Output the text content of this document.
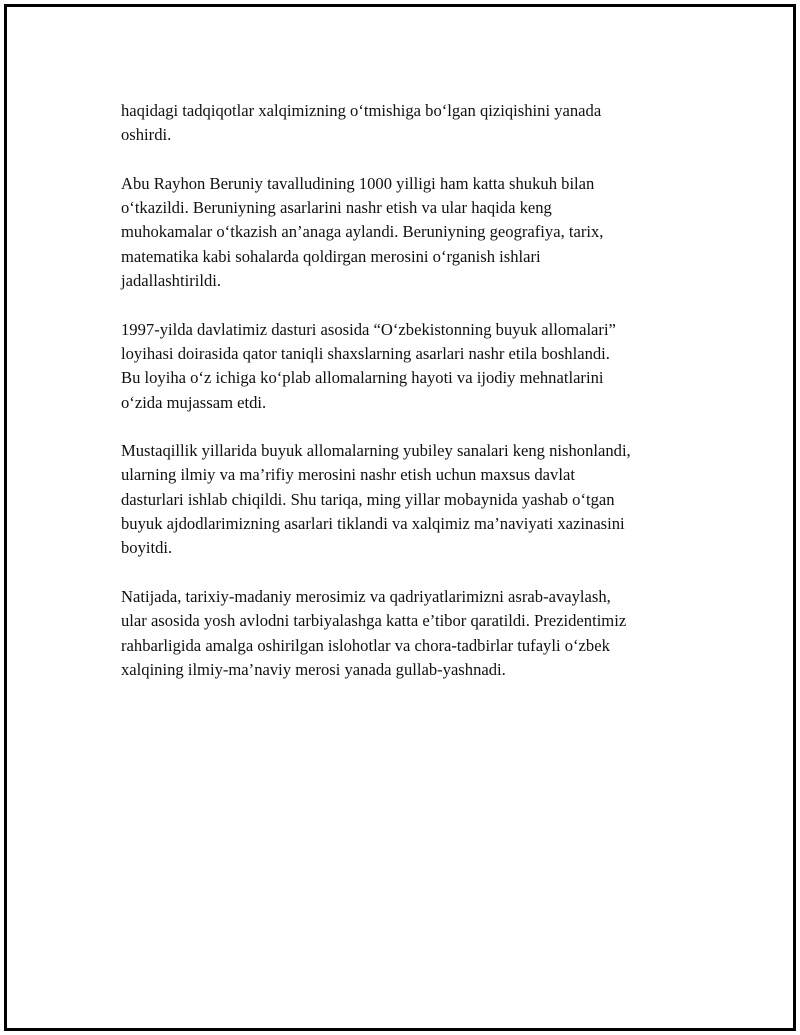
haqidagi tadqiqotlar xalqimizning oʻtmishiga boʻlgan qiziqishini yanada
oshirdi.

Abu Rayhon Beruniy tavalludining 1000 yilligi ham katta shukuh bilan
oʻtkazildi. Beruniyning asarlarini nashr etish va ular haqida keng
muhokamalar oʻtkazish an’anaga aylandi. Beruniyning geografiya, tarix,
matematika kabi sohalarda qoldirgan merosini oʻrganish ishlari
jadallashtirildi.

1997-yilda davlatimiz dasturi asosida “Oʻzbekistonning buyuk allomalari”
loyihasi doirasida qator taniqli shaxslarning asarlari nashr etila boshlandi.
Bu loyiha oʻz ichiga koʻplab allomalarning hayoti va ijodiy mehnatlarini
oʻzida mujassam etdi.

Mustaqillik yillarida buyuk allomalarning yubiley sanalari keng nishonlandi,
ularning ilmiy va ma’rifiy merosini nashr etish uchun maxsus davlat
dasturlari ishlab chiqildi. Shu tariqa, ming yillar mobaynida yashab oʻtgan
buyuk ajdodlarimizning asarlari tiklandi va xalqimiz ma’naviyati xazinasini
boyitdi.

Natijada, tarixiy-madaniy merosimiz va qadriyatlarimizni asrab-avaylash,
ular asosida yosh avlodni tarbiyalashga katta e’tibor qaratildi. Prezidentimiz
rahbarligida amalga oshirilgan islohotlar va chora-tadbirlar tufayli oʻzbek
xalqining ilmiy-ma’naviy merosi yanada gullab-yashnadi.
